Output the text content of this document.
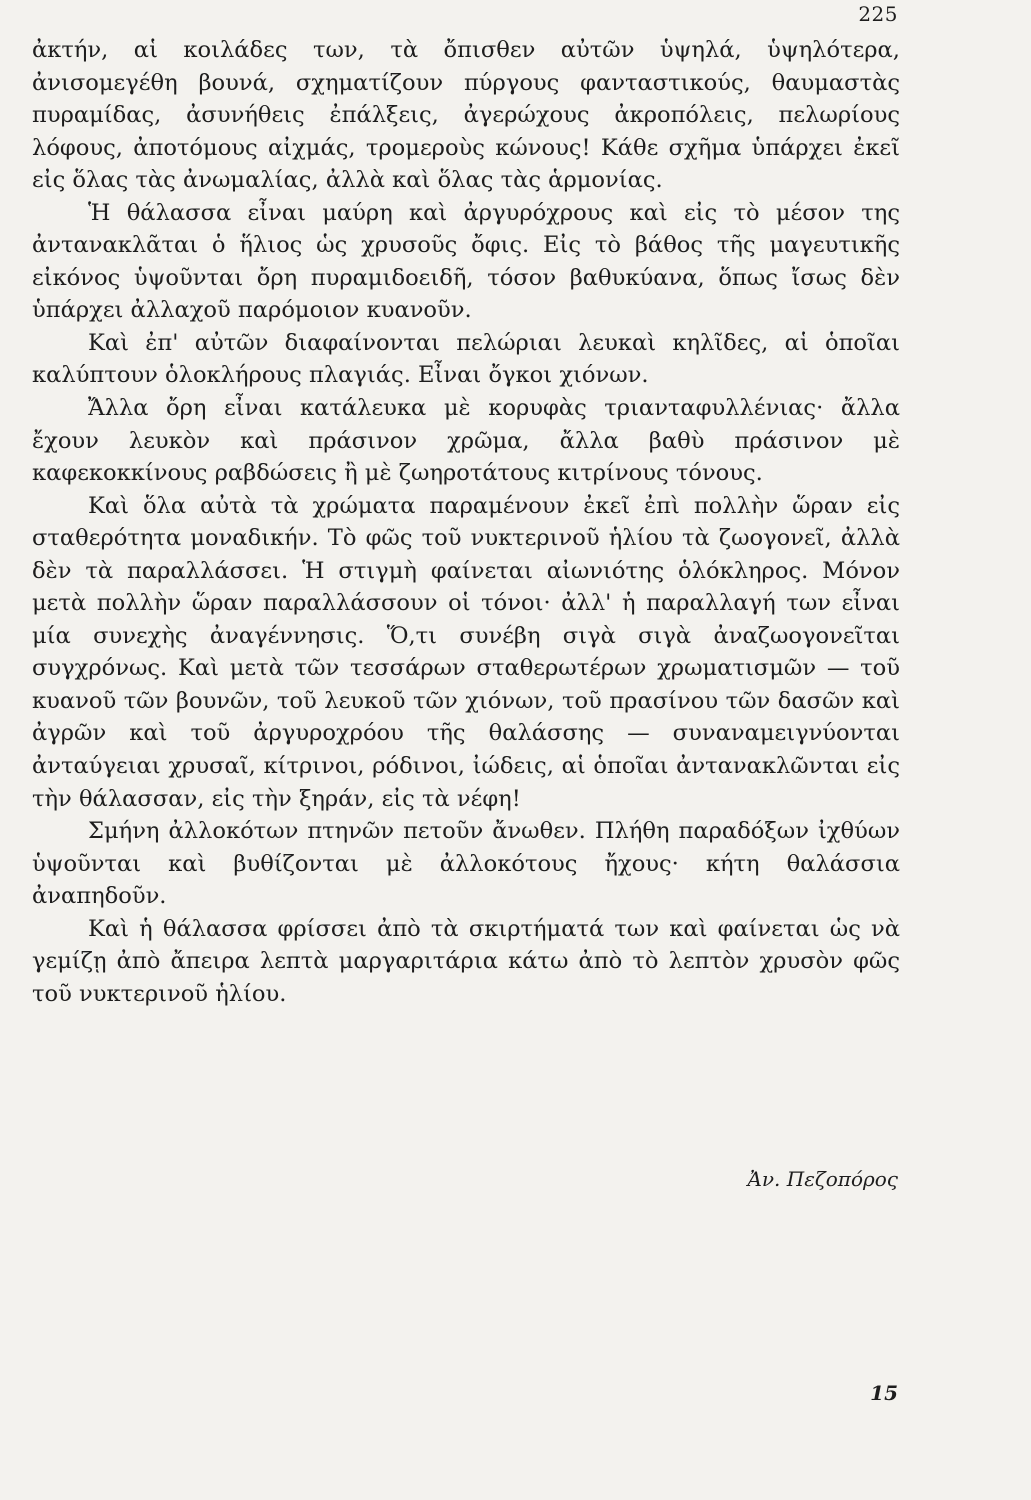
225

ἀκτήν, αἱ κοιλάδες των, τὰ ὄπισθεν αὐτῶν ὑψηλά, ὑψηλότερα, ἀνισομεγέθη βουνά, σχηματίζουν πύργους φανταστικούς, θαυμαστὰς πυραμίδας, ἀσυνήθεις ἐπάλξεις, ἀγερώχους ἀκροπόλεις, πελωρίους λόφους, ἀποτόμους αἰχμάς, τρομεροὺς κώνους! Κάθε σχῆμα ὑπάρχει ἐκεῖ εἰς ὅλας τὰς ἀνωμαλίας, ἀλλὰ καὶ ὅλας τὰς ἁρμονίας.

Ἡ θάλασσα εἶναι μαύρη καὶ ἀργυρόχρους καὶ εἰς τὸ μέσον της ἀντανακλᾶται ὁ ἥλιος ὡς χρυσοῦς ὄφις. Εἰς τὸ βάθος τῆς μαγευτικῆς εἰκόνος ὑψοῦνται ὄρη πυραμιδοειδῆ, τόσον βαθυκύανα, ὅπως ἴσως δὲν ὑπάρχει ἀλλαχοῦ παρόμοιον κυανοῦν.

Καὶ ἐπ' αὐτῶν διαφαίνονται πελώριαι λευκαὶ κηλῖδες, αἱ ὁποῖαι καλύπτουν ὁλοκλήρους πλαγιάς. Εἶναι ὄγκοι χιόνων.

Ἄλλα ὄρη εἶναι κατάλευκα μὲ κορυφὰς τριανταφυλλένιας· ἄλλα ἔχουν λευκὸν καὶ πράσινον χρῶμα, ἄλλα βαθὺ πράσινον μὲ καφεκοκκίνους ραβδώσεις ἢ μὲ ζωηροτάτους κιτρίνους τόνους.

Καὶ ὅλα αὐτὰ τὰ χρώματα παραμένουν ἐκεῖ ἐπὶ πολλὴν ὥραν εἰς σταθερότητα μοναδικήν. Τὸ φῶς τοῦ νυκτερινοῦ ἡλίου τὰ ζωογονεῖ, ἀλλὰ δὲν τὰ παραλλάσσει. Ἡ στιγμὴ φαίνεται αἰωνιότης ὁλόκληρος. Μόνον μετὰ πολλὴν ὥραν παραλλάσσουν οἱ τόνοι· ἀλλ' ἡ παραλλαγή των εἶναι μία συνεχὴς ἀναγέννησις. Ὅ,τι συνέβη σιγὰ σιγὰ ἀναζωογονεῖται συγχρόνως. Καὶ μετὰ τῶν τεσσάρων σταθερωτέρων χρωματισμῶν — τοῦ κυανοῦ τῶν βουνῶν, τοῦ λευκοῦ τῶν χιόνων, τοῦ πρασίνου τῶν δασῶν καὶ ἀγρῶν καὶ τοῦ ἀργυροχρόου τῆς θαλάσσης — συναναμειγνύονται ἀνταύγειαι χρυσαῖ, κίτρινοι, ρόδινοι, ἰώδεις, αἱ ὁποῖαι ἀντανακλῶνται εἰς τὴν θάλασσαν, εἰς τὴν ξηράν, εἰς τὰ νέφη!

Σμήνη ἀλλοκότων πτηνῶν πετοῦν ἄνωθεν. Πλήθη παραδόξων ἰχθύων ὑψοῦνται καὶ βυθίζονται μὲ ἀλλοκότους ἤχους· κήτη θαλάσσια ἀναπηδοῦν.

Καὶ ἡ θάλασσα φρίσσει ἀπὸ τὰ σκιρτήματά των καὶ φαίνεται ὡς νὰ γεμίζῃ ἀπὸ ἄπειρα λεπτὰ μαργαριτάρια κάτω ἀπὸ τὸ λεπτὸν χρυσὸν φῶς τοῦ νυκτερινοῦ ἡλίου.

Ἀν. Πεζοπόρος
15
